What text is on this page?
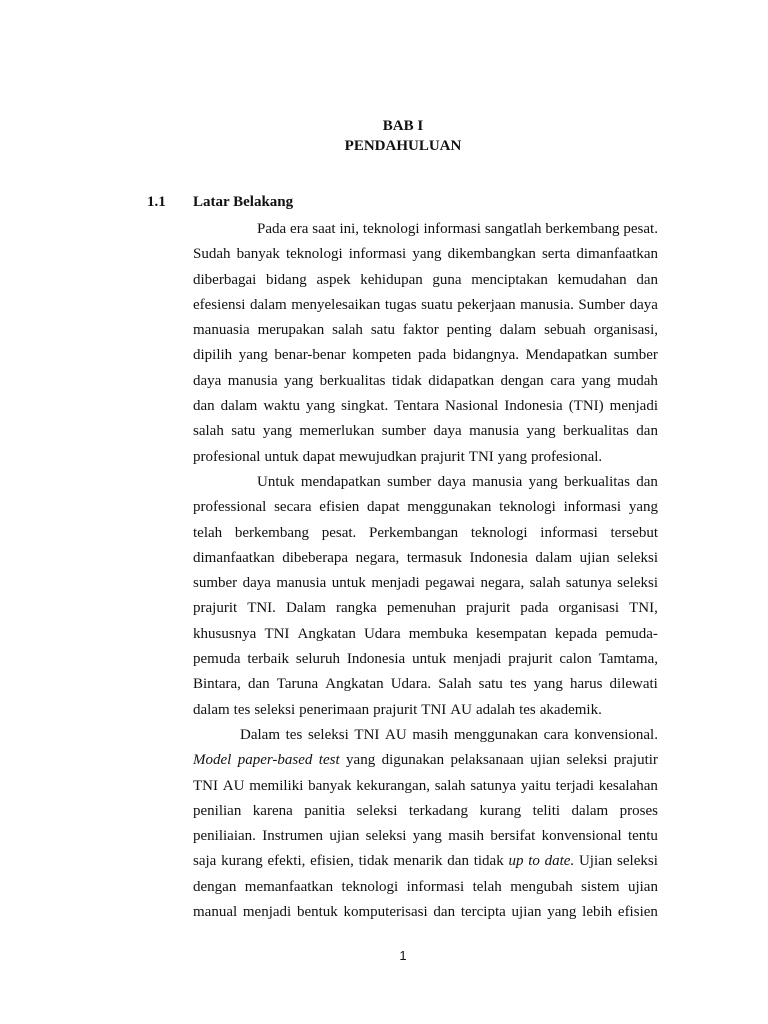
BAB I
PENDAHULUAN
1.1 Latar Belakang
Pada era saat ini, teknologi informasi sangatlah berkembang pesat.
Sudah banyak teknologi informasi yang dikembangkan serta dimanfaatkan
diberbagai bidang aspek kehidupan guna menciptakan kemudahan dan
efesiensi dalam menyelesaikan tugas suatu pekerjaan manusia. Sumber daya
manuasia merupakan salah satu faktor penting dalam sebuah organisasi,
dipilih yang benar-benar kompeten pada bidangnya. Mendapatkan sumber
daya manusia yang berkualitas tidak didapatkan dengan cara yang mudah
dan dalam waktu yang singkat. Tentara Nasional Indonesia (TNI) menjadi
salah satu yang memerlukan sumber daya manusia yang berkualitas dan
profesional untuk dapat mewujudkan prajurit TNI yang profesional.
Untuk mendapatkan sumber daya manusia yang berkualitas dan
professional secara efisien dapat menggunakan teknologi informasi yang
telah berkembang pesat. Perkembangan teknologi informasi tersebut
dimanfaatkan dibeberapa negara, termasuk Indonesia dalam ujian seleksi
sumber daya manusia untuk menjadi pegawai negara, salah satunya seleksi
prajurit TNI. Dalam rangka pemenuhan prajurit pada organisasi TNI,
khususnya TNI Angkatan Udara membuka kesempatan kepada pemuda-
pemuda terbaik seluruh Indonesia untuk menjadi prajurit calon Tamtama,
Bintara, dan Taruna Angkatan Udara. Salah satu tes yang harus dilewati
dalam tes seleksi penerimaan prajurit TNI AU adalah tes akademik.
Dalam tes seleksi TNI AU masih menggunakan cara konvensional.
Model paper-based test yang digunakan pelaksanaan ujian seleksi prajutir
TNI AU memiliki banyak kekurangan, salah satunya yaitu terjadi kesalahan
penilian karena panitia seleksi terkadang kurang teliti dalam proses
peniliaian. Instrumen ujian seleksi yang masih bersifat konvensional tentu
saja kurang efekti, efisien, tidak menarik dan tidak up to date. Ujian seleksi
dengan memanfaatkan teknologi informasi telah mengubah sistem ujian
manual menjadi bentuk komputerisasi dan tercipta ujian yang lebih efisien
1
